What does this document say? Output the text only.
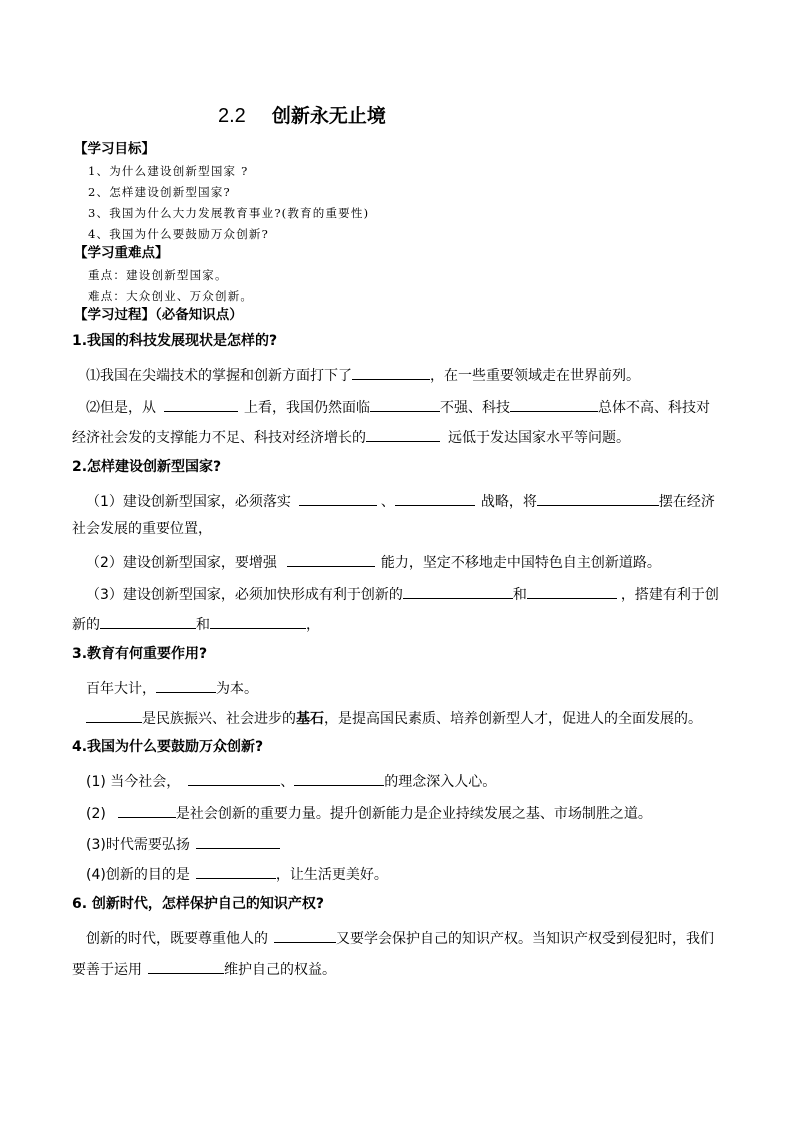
2.2 创新永无止境
【学习目标】
1、为什么建设创新型国家 ?
2、怎样建设创新型国家?
3、我国为什么大力发展教育事业?(教育的重要性)
4、我国为什么要鼓励万众创新?
【学习重难点】
重点：建设创新型国家。
难点：大众创业、万众创新。
【学习过程】（必备知识点）
1.我国的科技发展现状是怎样的?
⑴我国在尖端技术的掌握和创新方面打下了	，在一些重要领域走在世界前列。
⑵但是，从	上看，我国仍然面临	不强、科技	总体不高、科技对
经济社会发的支撑能力不足、科技对经济增长的	远低于发达国家水平等问题。
2.怎样建设创新型国家?
（1）建设创新型国家，必须落实	、	战略，将	摆在经济
社会发展的重要位置，
（2）建设创新型国家，要增强	能力，坚定不移地走中国特色自主创新道路。
（3）建设创新型国家，必须加快形成有利于创新的	和	，搭建有利于创
新的	和	，
3.教育有何重要作用?
百年大计，	为本。
是民族振兴、社会进步的基石，是提高国民素质、培养创新型人才，促进人的全面发展的。
4.我国为什么要鼓励万众创新?
(1) 当今社会，	、	的理念深入人心。
(2)	是社会创新的重要力量。提升创新能力是企业持续发展之基、市场制胜之道。
(3)时代需要弘扬
(4)创新的目的是	，让生活更美好。
6. 创新时代，怎样保护自己的知识产权?
创新的时代，既要尊重他人的	又要学会保护自己的知识产权。当知识产权受到侵犯时，我们
要善于运用	维护自己的权益。
